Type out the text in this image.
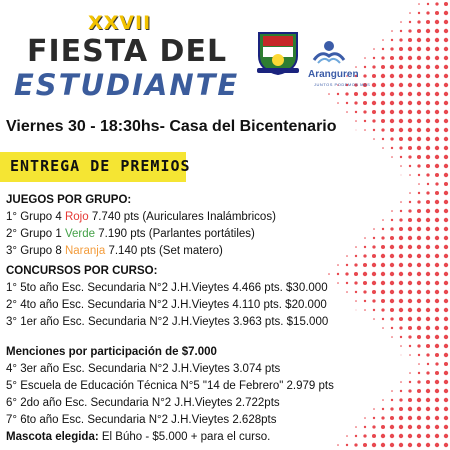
XXVII
FIESTA DEL
ESTUDIANTE	Aranguren
JUNTOS PODEMOS MAS
Viernes 30 - 18:30hs- Casa del Bicentenario
ENTREGA DE PREMIOS
JUEGOS POR GRUPO:
1° Grupo 4 Rojo 7.740 pts (Auriculares Inalámbricos)
2° Grupo 1 Verde 7.190 pts (Parlantes portátiles)
3° Grupo 8 Naranja 7.140 pts (Set matero)
CONCURSOS POR CURSO:
1° 5to año Esc. Secundaria N°2 J.H.Vieytes 4.466 pts. $30.000
2° 4to año Esc. Secundaria N°2 J.H.Vieytes 4.110 pts. $20.000
3° 1er año Esc. Secundaria N°2 J.H.Vieytes 3.963 pts. $15.000
Menciones por participación de $7.000
4° 3er año Esc. Secundaria N°2 J.H.Vieytes 3.074 pts
5° Escuela de Educación Técnica N°5 "14 de Febrero" 2.979 pts
6° 2do año Esc. Secundaria N°2 J.H.Vieytes 2.722pts
7° 6to año Esc. Secundaria N°2 J.H.Vieytes 2.628pts
Mascota elegida: El Búho - $5.000 + para el curso.
